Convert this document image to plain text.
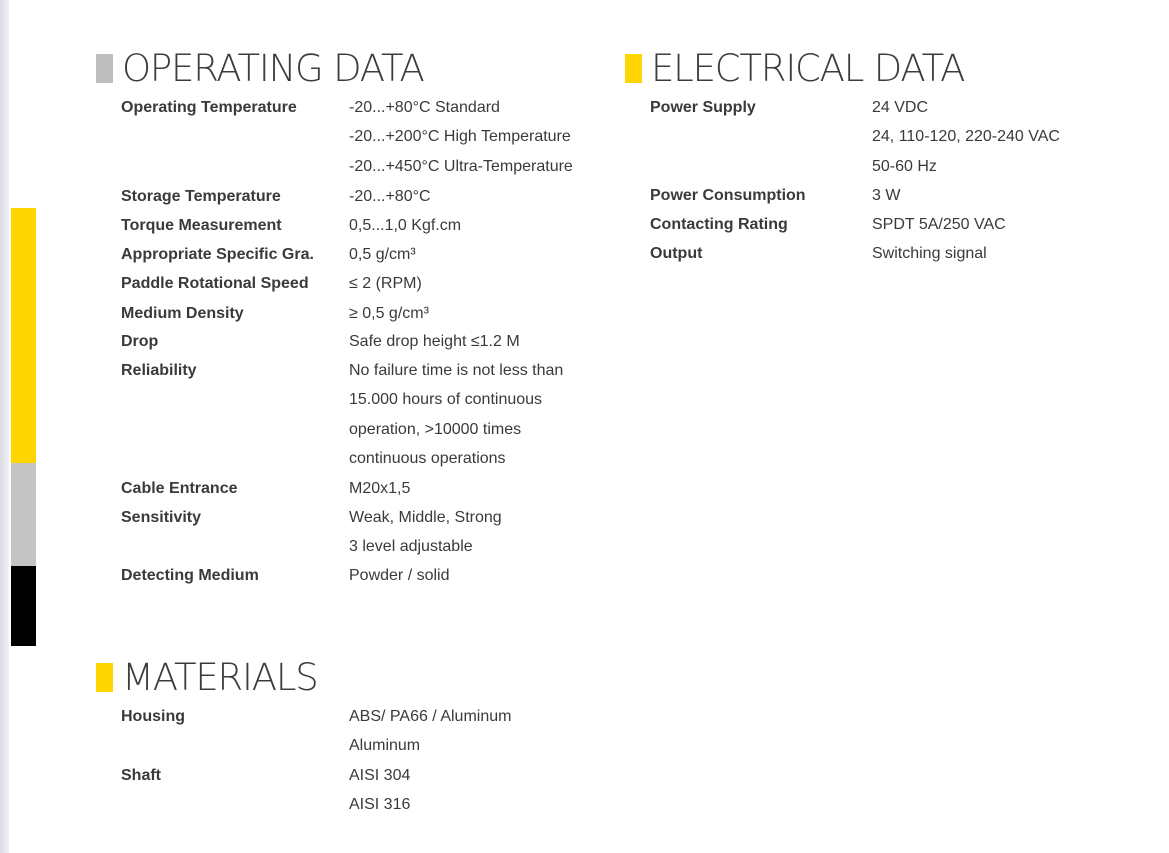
OPERATING DATA
Operating Temperature	-20...+80°C Standard
-20...+200°C High Temperature
-20...+450°C Ultra-Temperature
Storage Temperature	-20...+80°C
Torque Measurement	0,5...1,0 Kgf.cm
Appropriate Specific Gra. 0,5 g/cm³
Paddle Rotational Speed	≤ 2 (RPM)
Medium Density	≥ 0,5 g/cm³
Drop	Safe drop height ≤1.2 M
Reliability	No failure time is not less than
15.000 hours of continuous
operation, >10000 times
continuous operations
Cable Entrance	M20x1,5
Sensitivity	Weak, Middle, Strong
3 level adjustable
Detecting Medium	Powder / solid
ELECTRICAL DATA
Power Supply	24 VDC
24, 110-120, 220-240 VAC
50-60 Hz
Power Consumption	3 W
Contacting Rating	SPDT 5A/250 VAC
Output	Switching signal
MATERIALS
Housing	ABS/ PA66 / Aluminum
Aluminum
Shaft	AISI 304
AISI 316
